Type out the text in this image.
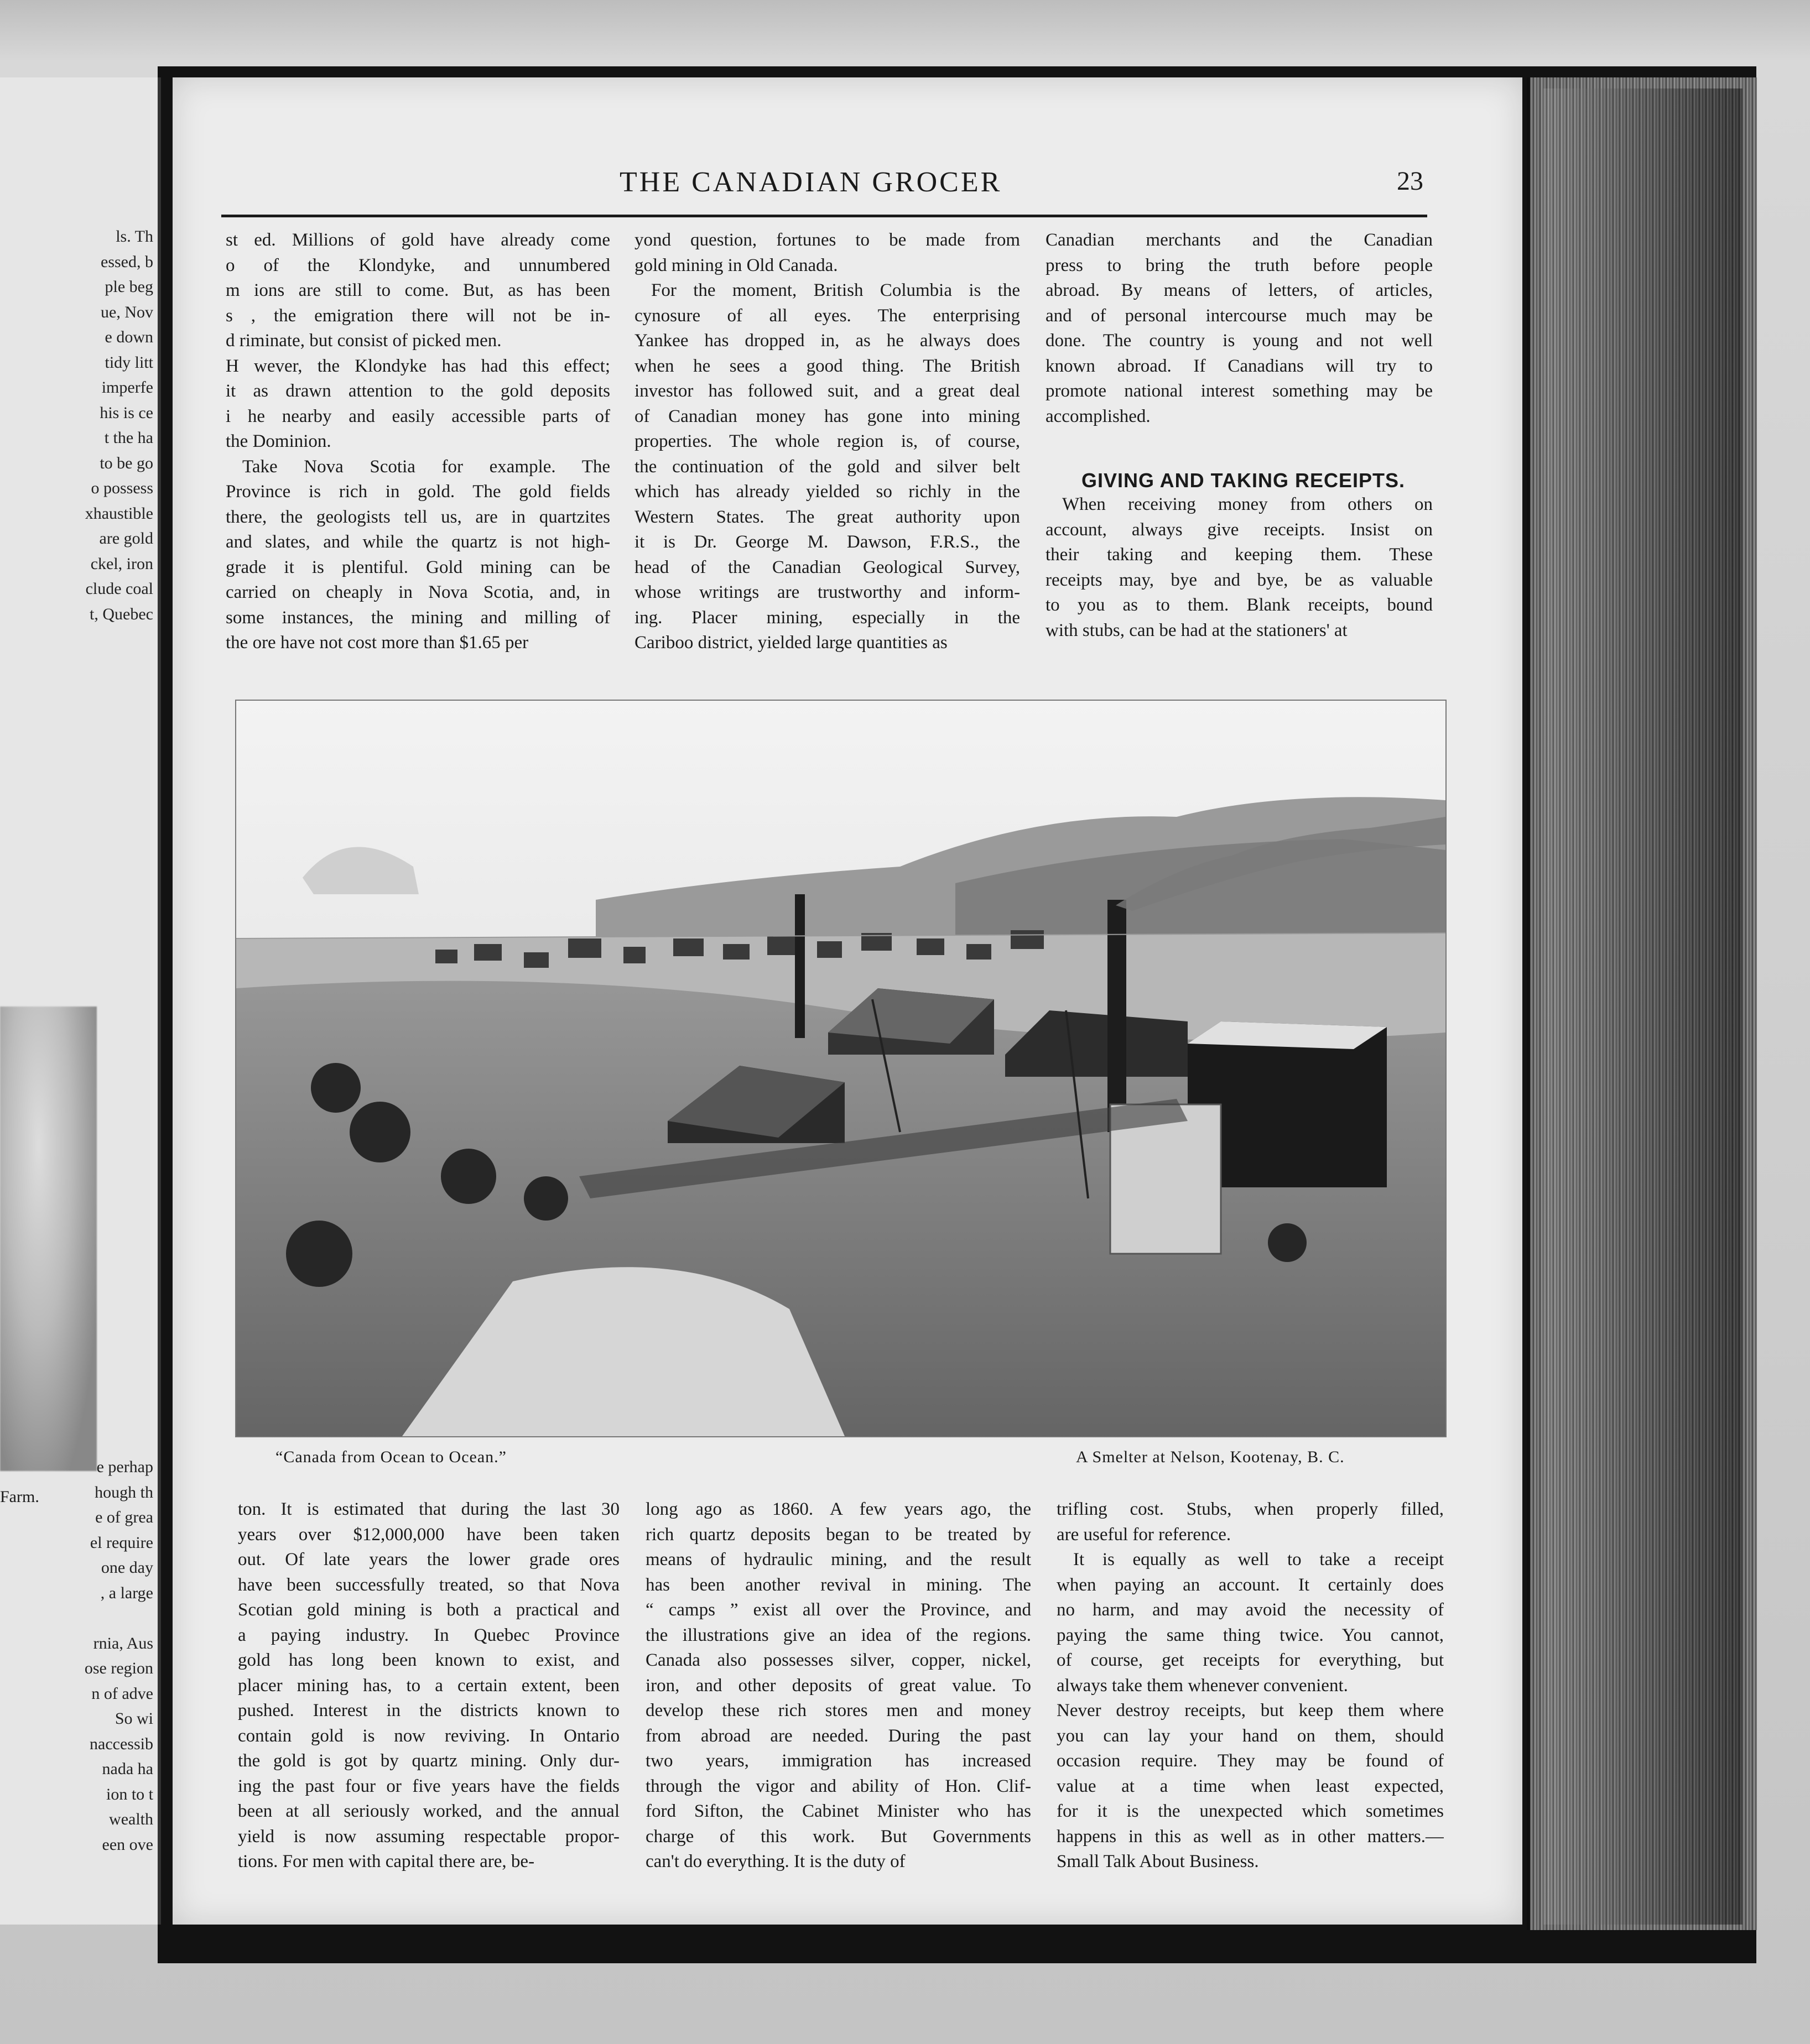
ls. Th
essed, b
ple beg
ue, Nov
e down
tidy litt
imperfe
his is ce
t the ha
to be go
o possess
xhaustible
are gold
ckel, iron
clude coal
t, Quebec
e perhap
hough th
e of grea
el require
one day
, a large
rnia, Aus
ose region
n of adve
So wi
naccessib
nada ha
ion to t
wealth
een ove
Farm.
THE CANADIAN GROCER	23
st ed. Millions of gold have already come
o of the Klondyke, and unnumbered
m ions are still to come. But, as has been
s , the emigration there will not be in-
d riminate, but consist of picked men.
H wever, the Klondyke has had this effect;
it as drawn attention to the gold deposits
i he nearby and easily accessible parts of
the Dominion.
Take Nova Scotia for example. The
Province is rich in gold. The gold fields
there, the geologists tell us, are in quartzites
and slates, and while the quartz is not high-
grade it is plentiful. Gold mining can be
carried on cheaply in Nova Scotia, and, in
some instances, the mining and milling of
the ore have not cost more than $1.65 per
yond question, fortunes to be made from
gold mining in Old Canada.
For the moment, British Columbia is the
cynosure of all eyes. The enterprising
Yankee has dropped in, as he always does
when he sees a good thing. The British
investor has followed suit, and a great deal
of Canadian money has gone into mining
properties. The whole region is, of course,
the continuation of the gold and silver belt
which has already yielded so richly in the
Western States. The great authority upon
it is Dr. George M. Dawson, F.R.S., the
head of the Canadian Geological Survey,
whose writings are trustworthy and inform-
ing. Placer mining, especially in the
Cariboo district, yielded large quantities as
Canadian merchants and the Canadian
press to bring the truth before people
abroad. By means of letters, of articles,
and of personal intercourse much may be
done. The country is young and not well
known abroad. If Canadians will try to
promote national interest something may be
accomplished.
GIVING AND TAKING RECEIPTS.
When receiving money from others on
account, always give receipts. Insist on
their taking and keeping them. These
receipts may, bye and bye, be as valuable
to you as to them. Blank receipts, bound
with stubs, can be had at the stationers' at
“Canada from Ocean to Ocean.”	A Smelter at Nelson, Kootenay, B. C.
ton. It is estimated that during the last 30
years over $12,000,000 have been taken
out. Of late years the lower grade ores
have been successfully treated, so that Nova
Scotian gold mining is both a practical and
a paying industry. In Quebec Province
gold has long been known to exist, and
placer mining has, to a certain extent, been
pushed. Interest in the districts known to
contain gold is now reviving. In Ontario
the gold is got by quartz mining. Only dur-
ing the past four or five years have the fields
been at all seriously worked, and the annual
yield is now assuming respectable propor-
tions. For men with capital there are, be-
long ago as 1860. A few years ago, the
rich quartz deposits began to be treated by
means of hydraulic mining, and the result
has been another revival in mining. The
“ camps ” exist all over the Province, and
the illustrations give an idea of the regions.
Canada also possesses silver, copper, nickel,
iron, and other deposits of great value. To
develop these rich stores men and money
from abroad are needed. During the past
two years, immigration has increased
through the vigor and ability of Hon. Clif-
ford Sifton, the Cabinet Minister who has
charge of this work. But Governments
can't do everything. It is the duty of
trifling cost. Stubs, when properly filled,
are useful for reference.
It is equally as well to take a receipt
when paying an account. It certainly does
no harm, and may avoid the necessity of
paying the same thing twice. You cannot,
of course, get receipts for everything, but
always take them whenever convenient.
Never destroy receipts, but keep them where
you can lay your hand on them, should
occasion require. They may be found of
value at a time when least expected,
for it is the unexpected which sometimes
happens in this as well as in other matters.—
Small Talk About Business.
